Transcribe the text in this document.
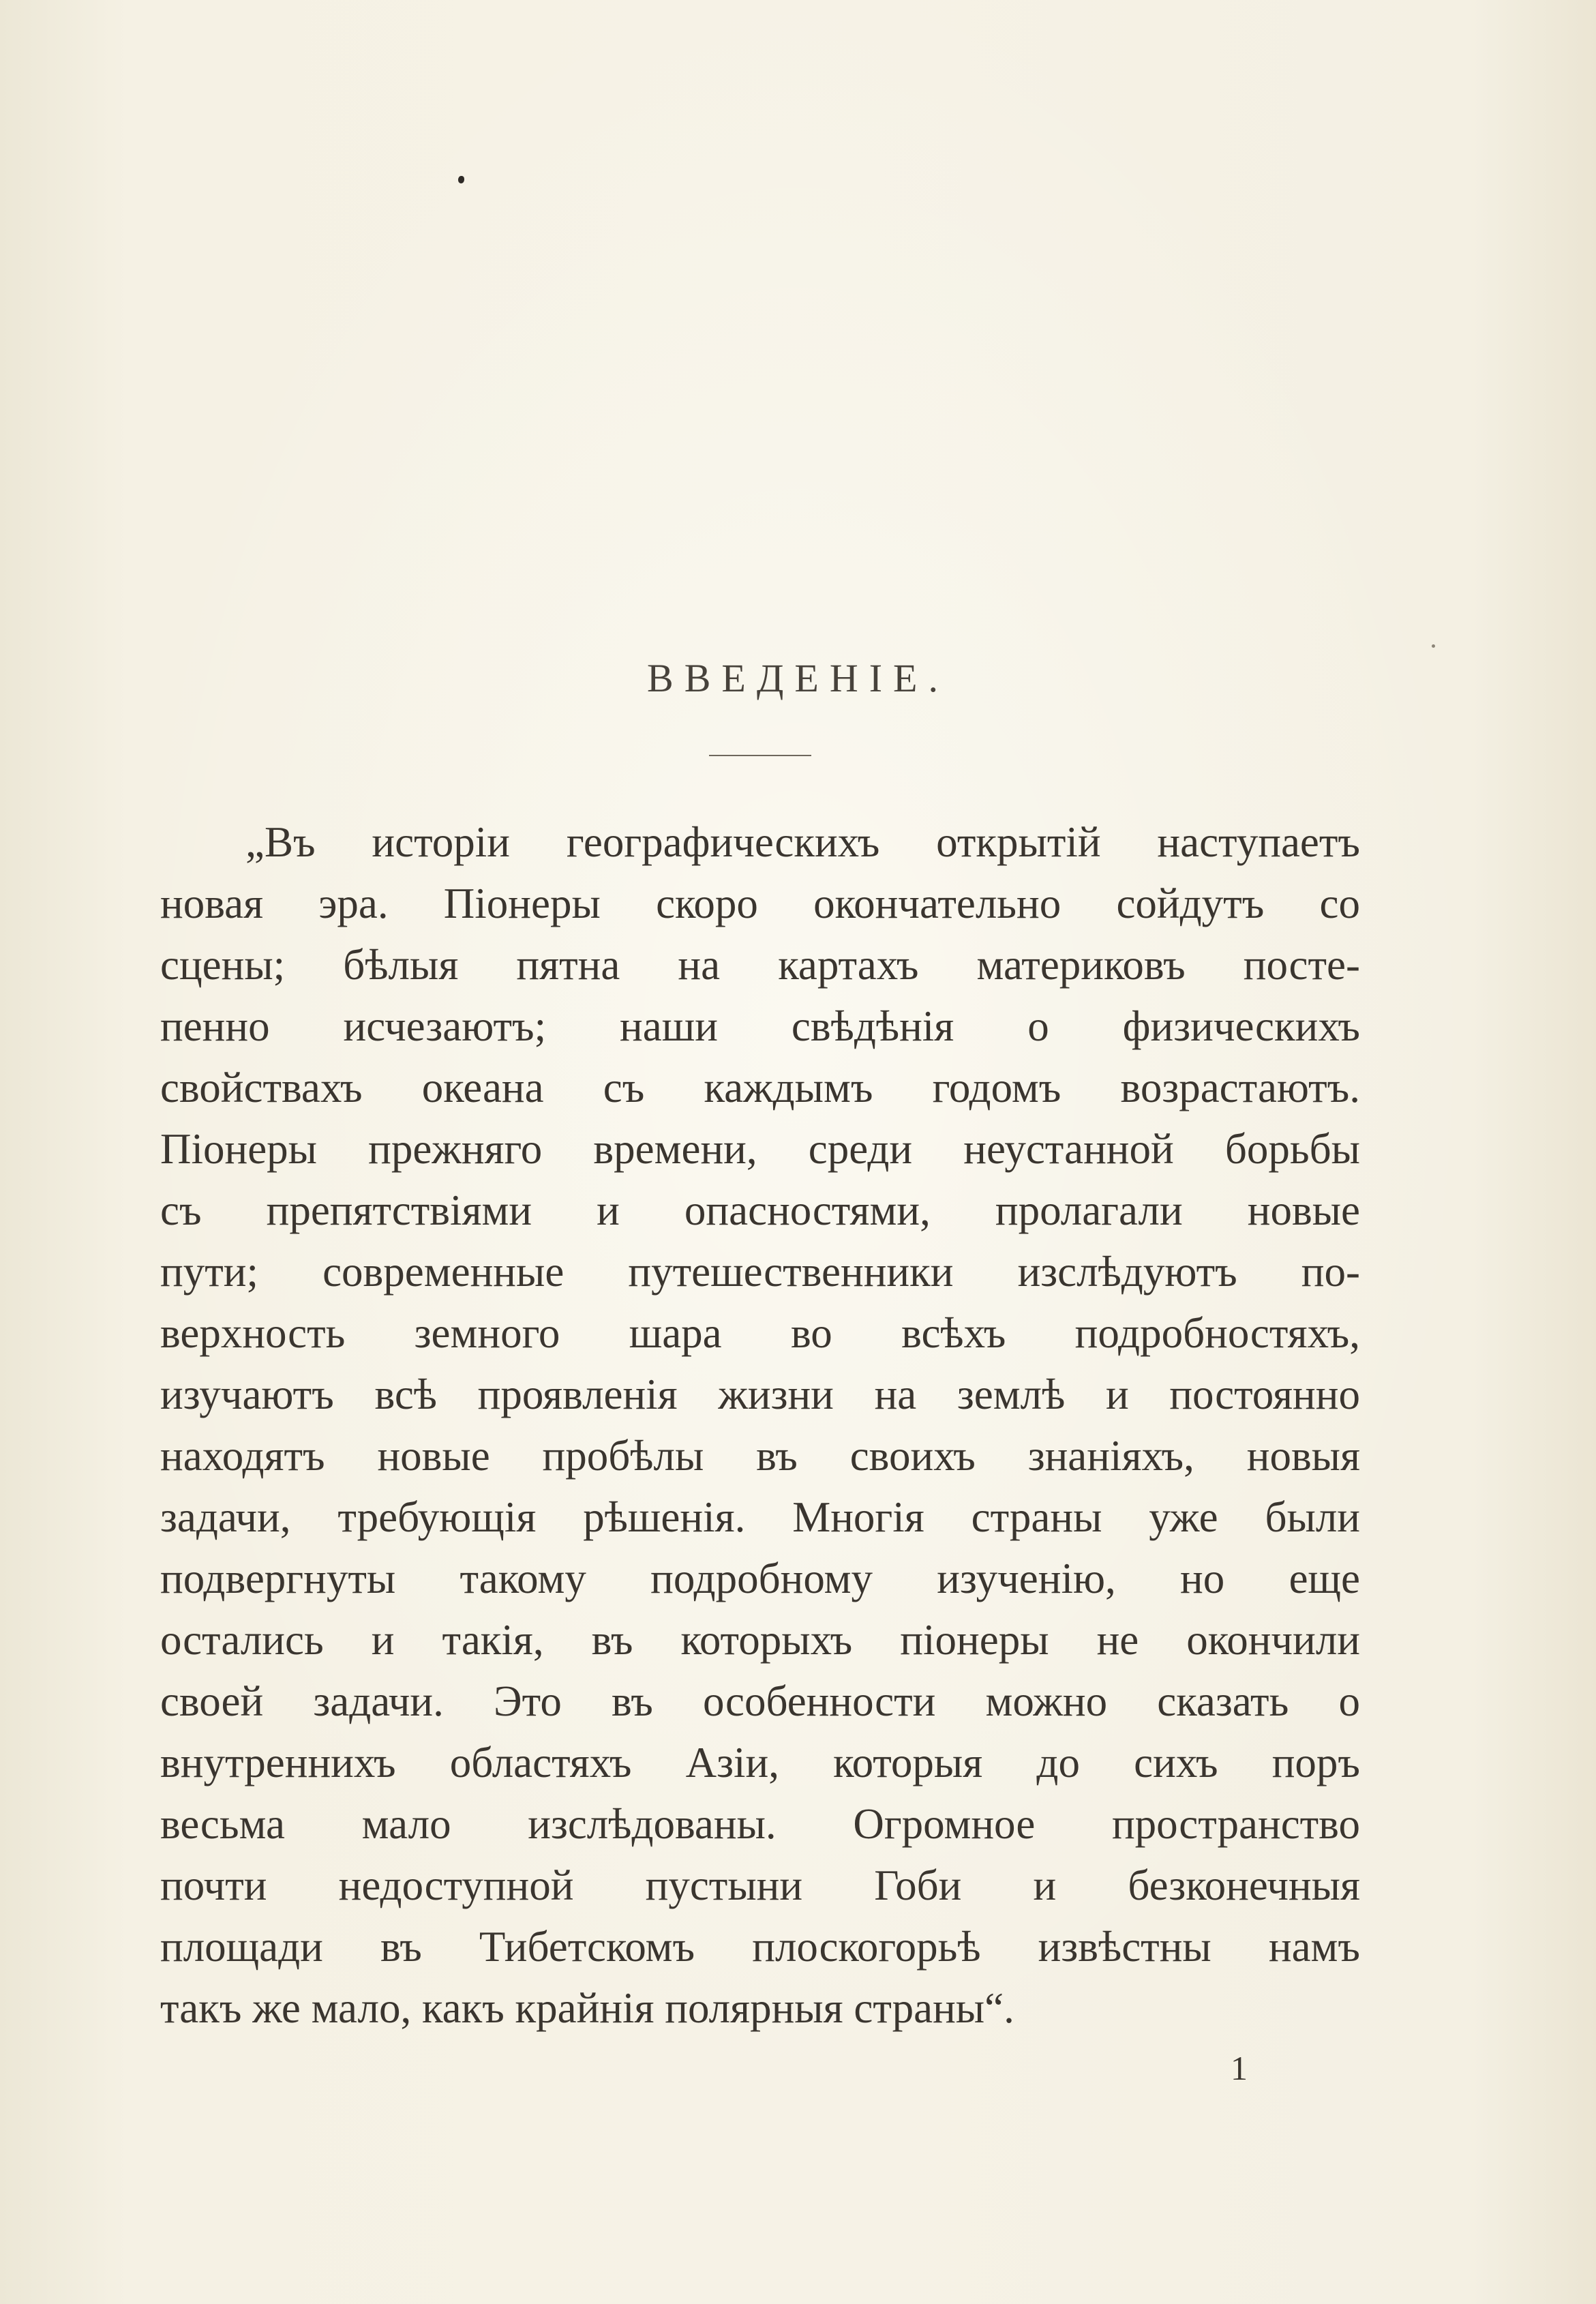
ВВЕДЕНІЕ.
„Въ исторіи географическихъ открытій наступаетъ
новая эра. Піонеры скоро окончательно сойдутъ со
сцены; бѣлыя пятна на картахъ материковъ посте-
пенно исчезаютъ; наши свѣдѣнія о физическихъ
свойствахъ океана съ каждымъ годомъ возрастаютъ.
Піонеры прежняго времени, среди неустанной борьбы
съ препятствіями и опасностями, пролагали новые
пути; современные путешественники изслѣдуютъ по-
верхность земного шара во всѣхъ подробностяхъ,
изучаютъ всѣ проявленія жизни на землѣ и постоянно
находятъ новые пробѣлы въ своихъ знаніяхъ, новыя
задачи, требующія рѣшенія. Многія страны уже были
подвергнуты такому подробному изученію, но еще
остались и такія, въ которыхъ піонеры не окончили
своей задачи. Это въ особенности можно сказать о
внутреннихъ областяхъ Азіи, которыя до сихъ поръ
весьма мало изслѣдованы. Огромное пространство
почти недоступной пустыни Гоби и безконечныя
площади въ Тибетскомъ плоскогорьѣ извѣстны намъ
такъ же мало, какъ крайнія полярныя страны“.
1
